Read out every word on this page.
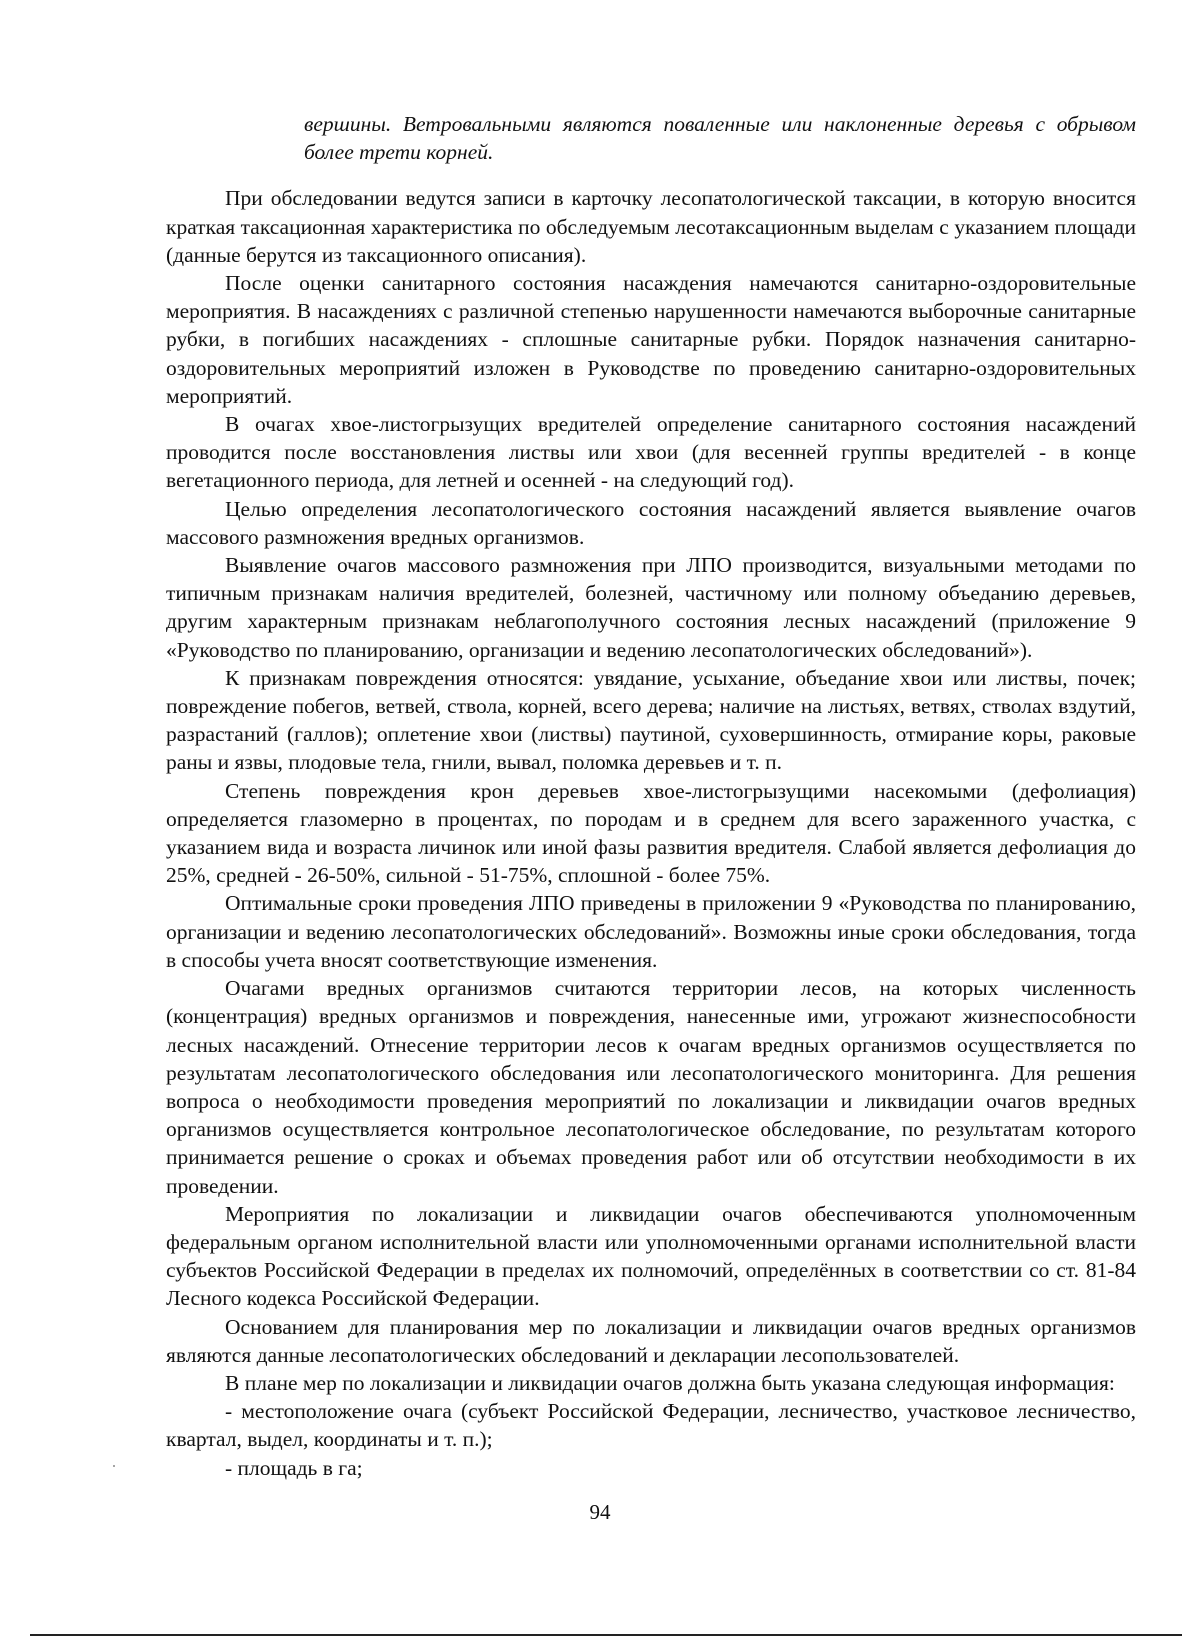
вершины. Ветровальными являются поваленные или наклоненные деревья с обрывом более трети корней.

При обследовании ведутся записи в карточку лесопатологической таксации, в которую вносится краткая таксационная характеристика по обследуемым лесотаксационным выделам с указанием площади (данные берутся из таксационного описания).

После оценки санитарного состояния насаждения намечаются санитарно-оздоровительные мероприятия. В насаждениях с различной степенью нарушенности намечаются выборочные санитарные рубки, в погибших насаждениях - сплошные санитарные рубки. Порядок назначения санитарно-оздоровительных мероприятий изложен в Руководстве по проведению санитарно-оздоровительных мероприятий.

В очагах хвое-листогрызущих вредителей определение санитарного состояния насаждений проводится после восстановления листвы или хвои (для весенней группы вредителей - в конце вегетационного периода, для летней и осенней - на следующий год).

Целью определения лесопатологического состояния насаждений является выявление очагов массового размножения вредных организмов.

Выявление очагов массового размножения при ЛПО производится, визуальными методами по типичным признакам наличия вредителей, болезней, частичному или полному объеданию деревьев, другим характерным признакам неблагополучного состояния лесных насаждений (приложение 9 «Руководство по планированию, организации и ведению лесопатологических обследований»).

К признакам повреждения относятся: увядание, усыхание, объедание хвои или листвы, почек; повреждение побегов, ветвей, ствола, корней, всего дерева; наличие на листьях, ветвях, стволах вздутий, разрастаний (галлов); оплетение хвои (листвы) паутиной, суховершинность, отмирание коры, раковые раны и язвы, плодовые тела, гнили, вывал, поломка деревьев и т. п.

Степень повреждения крон деревьев хвое-листогрызущими насекомыми (дефолиация) определяется глазомерно в процентах, по породам и в среднем для всего зараженного участка, с указанием вида и возраста личинок или иной фазы развития вредителя. Слабой является дефолиация до 25%, средней - 26-50%, сильной - 51-75%, сплошной - более 75%.

Оптимальные сроки проведения ЛПО приведены в приложении 9 «Руководства по планированию, организации и ведению лесопатологических обследований». Возможны иные сроки обследования, тогда в способы учета вносят соответствующие изменения.

Очагами вредных организмов считаются территории лесов, на которых численность (концентрация) вредных организмов и повреждения, нанесенные ими, угрожают жизнеспособности лесных насаждений. Отнесение территории лесов к очагам вредных организмов осуществляется по результатам лесопатологического обследования или лесопатологического мониторинга. Для решения вопроса о необходимости проведения мероприятий по локализации и ликвидации очагов вредных организмов осуществляется контрольное лесопатологическое обследование, по результатам которого принимается решение о сроках и объемах проведения работ или об отсутствии необходимости в их проведении.

Мероприятия по локализации и ликвидации очагов обеспечиваются уполномоченным федеральным органом исполнительной власти или уполномоченными органами исполнительной власти субъектов Российской Федерации в пределах их полномочий, определённых в соответствии со ст. 81-84 Лесного кодекса Российской Федерации.

Основанием для планирования мер по локализации и ликвидации очагов вредных организмов являются данные лесопатологических обследований и декларации лесопользователей.

В плане мер по локализации и ликвидации очагов должна быть указана следующая информация:

- местоположение очага (субъект Российской Федерации, лесничество, участковое лесничество, квартал, выдел, координаты и т. п.);

- площадь в га;

94
